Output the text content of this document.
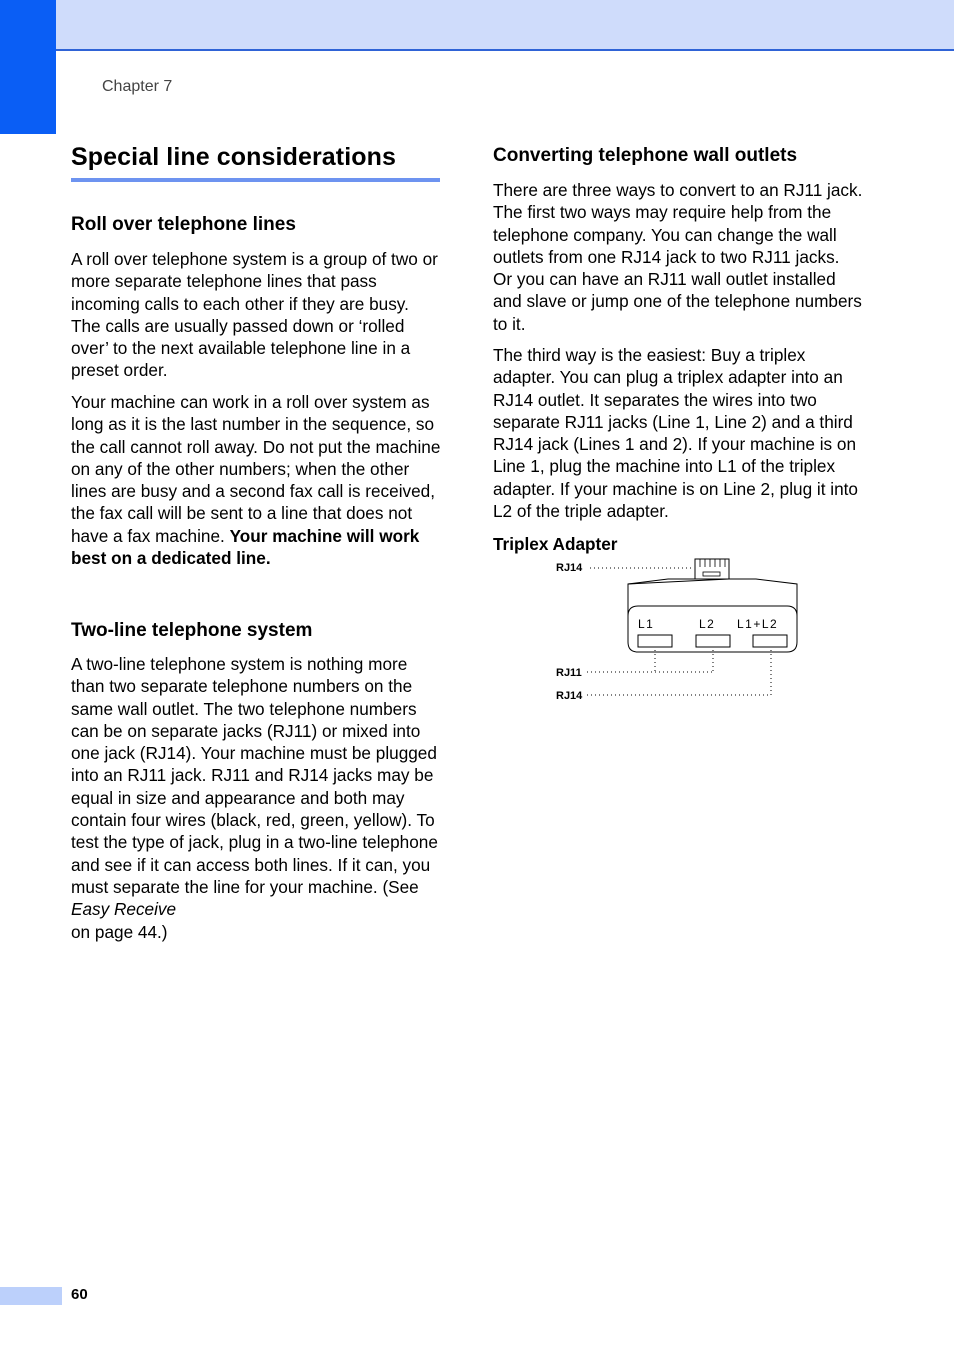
Chapter 7
Special line considerations
Roll over telephone lines

A roll over telephone system is a group of two or more separate telephone lines that pass incoming calls to each other if they are busy. The calls are usually passed down or ‘rolled over’ to the next available telephone line in a preset order.

Your machine can work in a roll over system as long as it is the last number in the sequence, so the call cannot roll away. Do not put the machine on any of the other numbers; when the other lines are busy and a second fax call is received, the fax call will be sent to a line that does not have a fax machine. Your machine will work best on a dedicated line.

Two-line telephone system

A two-line telephone system is nothing more than two separate telephone numbers on the same wall outlet. The two telephone numbers can be on separate jacks (RJ11) or mixed into one jack (RJ14). Your machine must be plugged into an RJ11 jack. RJ11 and RJ14 jacks may be equal in size and appearance and both may contain four wires (black, red, green, yellow). To test the type of jack, plug in a two-line telephone and see if it can access both lines. If it can, you must separate the line for your machine. (See Easy Receive
on page 44.)

Converting telephone wall outlets

There are three ways to convert to an RJ11 jack. The first two ways may require help from the telephone company. You can change the wall outlets from one RJ14 jack to two RJ11 jacks. Or you can have an RJ11 wall outlet installed and slave or jump one of the telephone numbers to it.

The third way is the easiest: Buy a triplex adapter. You can plug a triplex adapter into an RJ14 outlet. It separates the wires into two separate RJ11 jacks (Line 1, Line 2) and a third RJ14 jack (Lines 1 and 2). If your machine is on Line 1, plug the machine into L1 of the triplex adapter. If your machine is on Line 2, plug it into L2 of the triple adapter.

Triplex Adapter

L1	L2 L1+L2
RJ14
RJ11
RJ14
60
